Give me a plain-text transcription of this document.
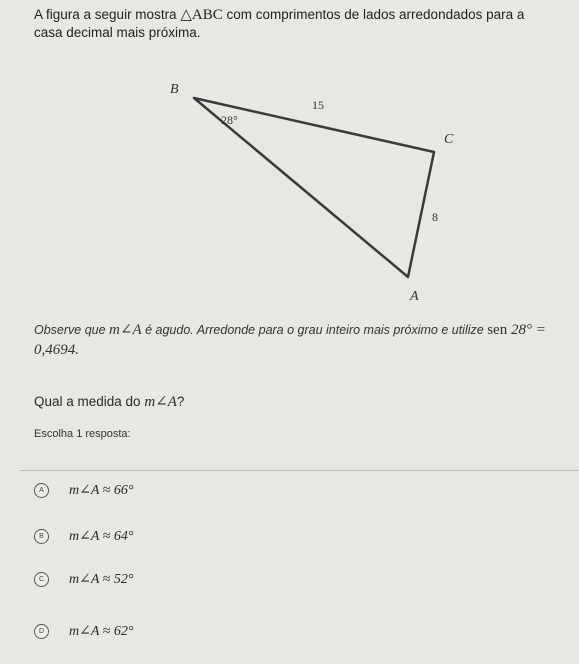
A figura a seguir mostra △ABC com comprimentos de lados arredondados para a casa decimal mais próxima.
B
C
A
28°
15
8
Observe que m∠A é agudo. Arredonde para o grau inteiro mais próximo e utilize sen 28° = 0,4694.
Qual a medida do m∠A?
Escolha 1 resposta:
A	m∠A ≈ 66°
B	m∠A ≈ 64°
C	m∠A ≈ 52°
D	m∠A ≈ 62°
